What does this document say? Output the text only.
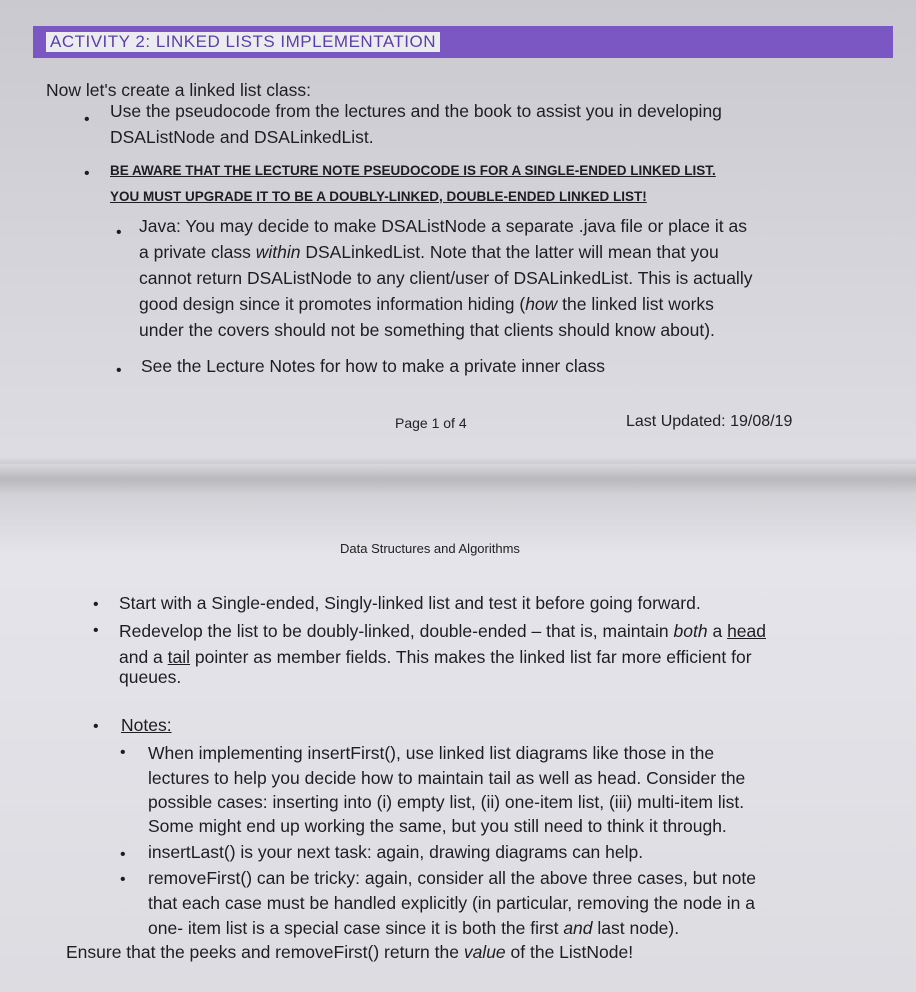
ACTIVITY 2: LINKED LISTS IMPLEMENTATION
Now let's create a linked list class:
• Use the pseudocode from the lectures and the book to assist you in developing
DSAListNode and DSALinkedList.
• BE AWARE THAT THE LECTURE NOTE PSEUDOCODE IS FOR A SINGLE-ENDED LINKED LIST.
YOU MUST UPGRADE IT TO BE A DOUBLY-LINKED, DOUBLE-ENDED LINKED LIST!
• Java: You may decide to make DSAListNode a separate .java file or place it as
a private class within DSALinkedList. Note that the latter will mean that you
cannot return DSAListNode to any client/user of DSALinkedList. This is actually
good design since it promotes information hiding (how the linked list works
under the covers should not be something that clients should know about).
• See the Lecture Notes for how to make a private inner class
Page 1 of 4	Last Updated: 19/08/19
Data Structures and Algorithms
• Start with a Single-ended, Singly-linked list and test it before going forward.
• Redevelop the list to be doubly-linked, double-ended – that is, maintain both a head
and a tail pointer as member fields. This makes the linked list far more efficient for
queues.
• Notes:
• When implementing insertFirst(), use linked list diagrams like those in the
lectures to help you decide how to maintain tail as well as head. Consider the
possible cases: inserting into (i) empty list, (ii) one-item list, (iii) multi-item list.
Some might end up working the same, but you still need to think it through.
• insertLast() is your next task: again, drawing diagrams can help.
• removeFirst() can be tricky: again, consider all the above three cases, but note
that each case must be handled explicitly (in particular, removing the node in a
one- item list is a special case since it is both the first and last node).
Ensure that the peeks and removeFirst() return the value of the ListNode!
